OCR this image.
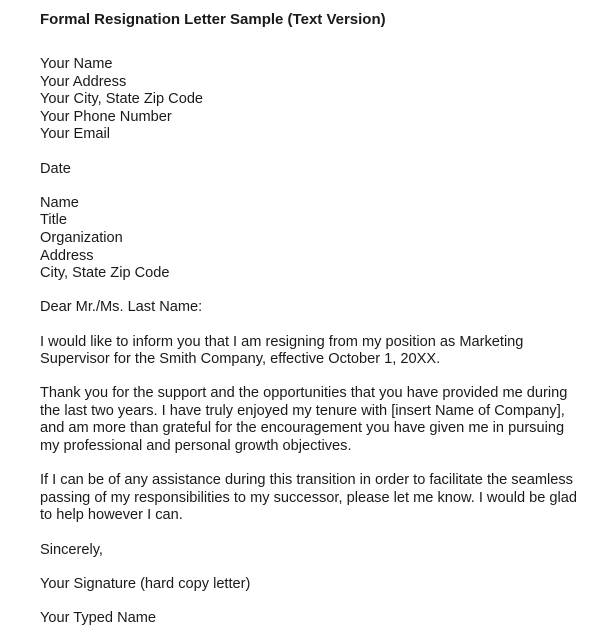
Formal Resignation Letter Sample (Text Version)
Your Name
Your Address
Your City, State Zip Code
Your Phone Number
Your Email
Date
Name
Title
Organization
Address
City, State Zip Code
Dear Mr./Ms. Last Name:
I would like to inform you that I am resigning from my position as Marketing
Supervisor for the Smith Company, effective October 1, 20XX.
Thank you for the support and the opportunities that you have provided me during
the last two years. I have truly enjoyed my tenure with [insert Name of Company],
and am more than grateful for the encouragement you have given me in pursuing
my professional and personal growth objectives.
If I can be of any assistance during this transition in order to facilitate the seamless
passing of my responsibilities to my successor, please let me know. I would be glad
to help however I can.
Sincerely,
Your Signature (hard copy letter)
Your Typed Name
